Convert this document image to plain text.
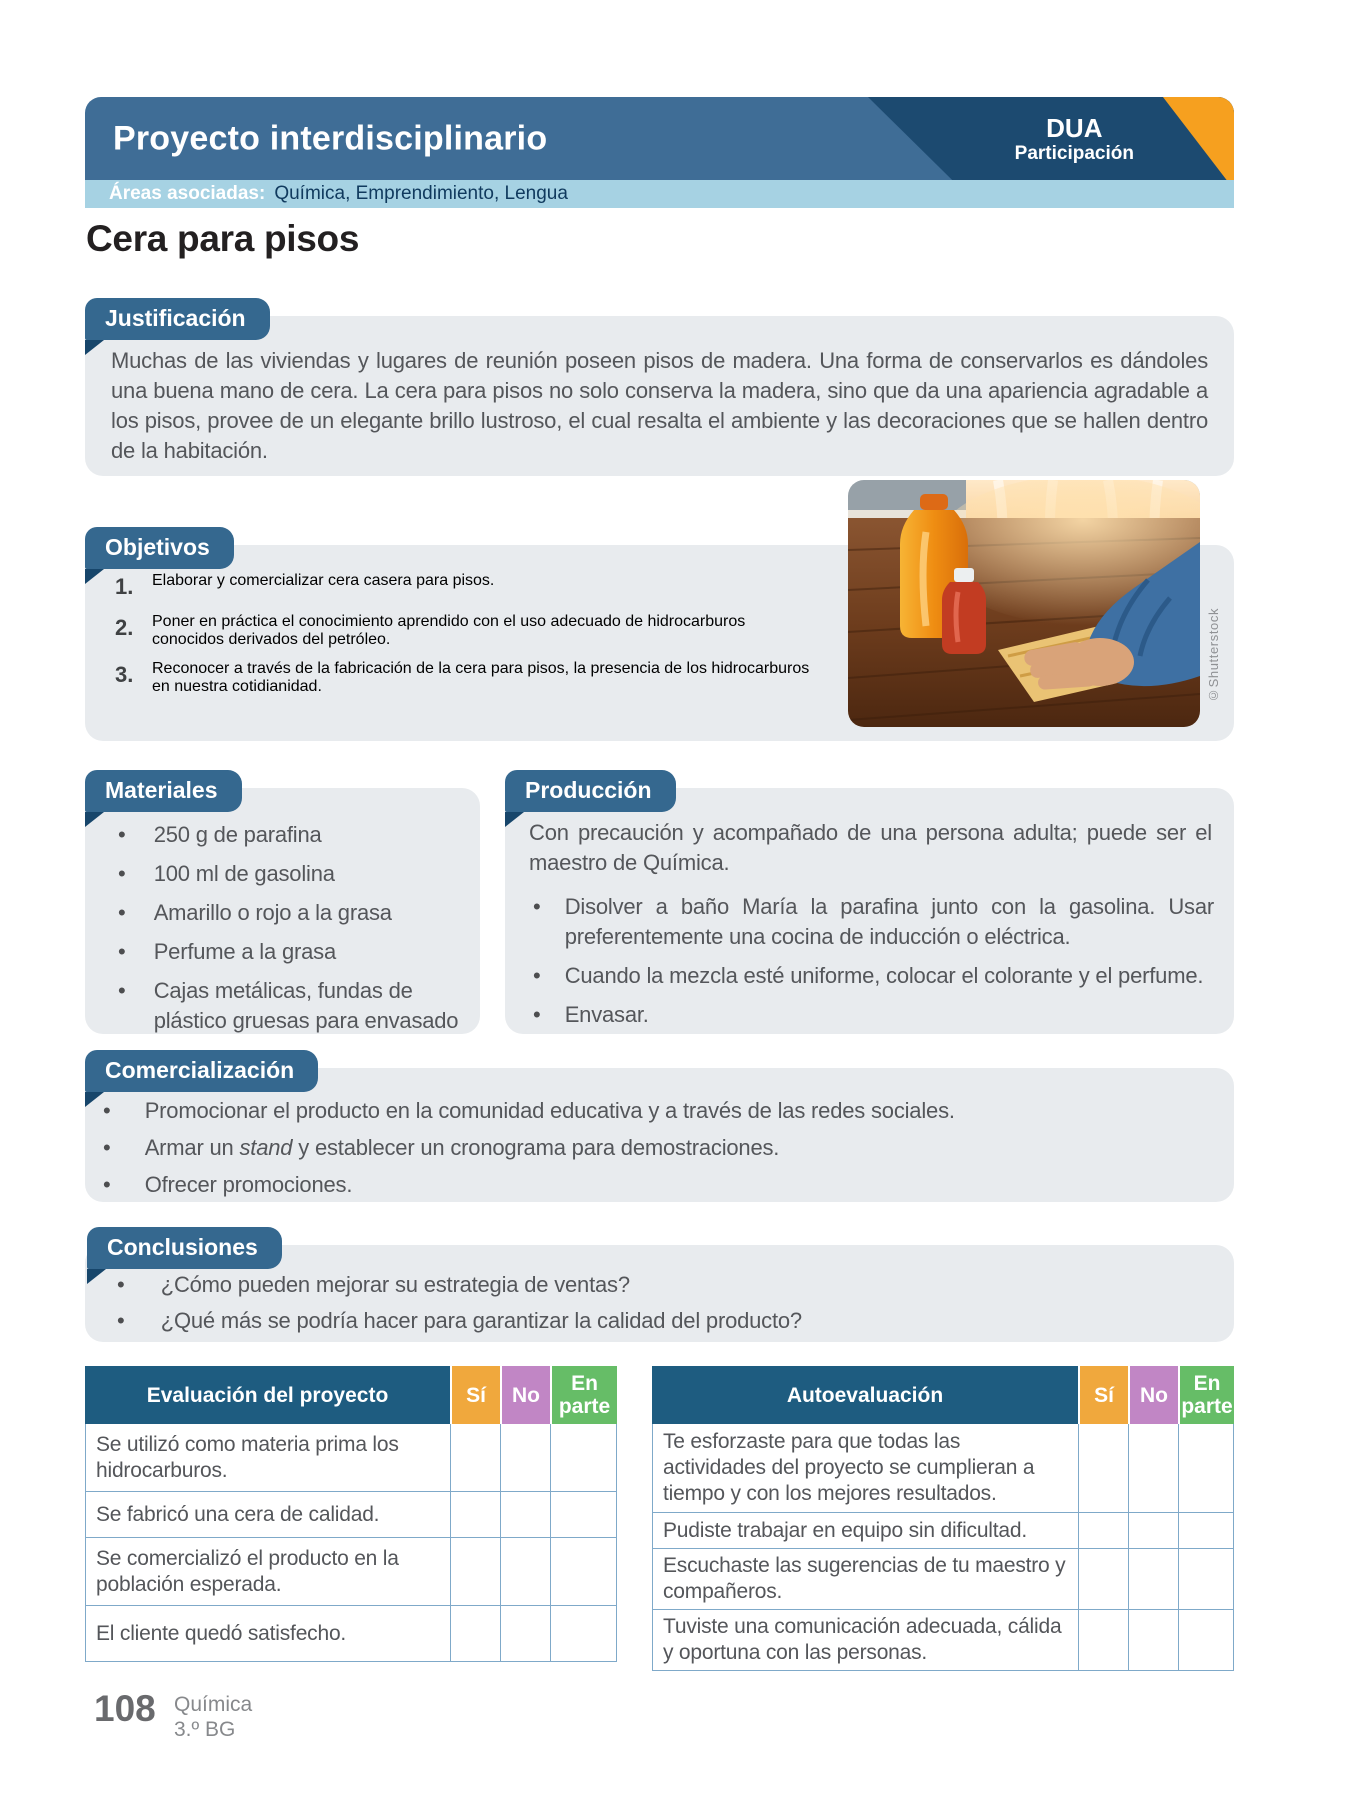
Proyecto interdisciplinario	DUA
Participación
Áreas asociadas: Química, Emprendimiento, Lengua
Cera para pisos
Justificación
Muchas de las viviendas y lugares de reunión poseen pisos de madera. Una forma de conservarlos es dándoles una buena mano de cera. La cera para pisos no solo conserva la madera, sino que da una apariencia agradable a los pisos, provee de un elegante brillo lustroso, el cual resalta el ambiente y las decoraciones que se hallen dentro de la habitación.
©Shutterstock
Objetivos
1.	Elaborar y comercializar cera casera para pisos.
2.	Poner en práctica el conocimiento aprendido con el uso adecuado de hidrocarburos conocidos derivados del petróleo.
3.	Reconocer a través de la fabricación de la cera para pisos, la presencia de los hidrocarburos en nuestra cotidianidad.
Materiales
• 250 g de parafina
• 100 ml de gasolina
• Amarillo o rojo a la grasa
• Perfume a la grasa
• Cajas metálicas, fundas de plástico gruesas para envasado
Producción
Con precaución y acompañado de una persona adulta; puede ser el maestro de Química.
• Disolver a baño María la parafina junto con la gasolina. Usar preferentemente una cocina de inducción o eléctrica.
• Cuando la mezcla esté uniforme, colocar el colorante y el perfume.
• Envasar.
Comercialización
• Promocionar el producto en la comunidad educativa y a través de las redes sociales.
• Armar un stand y establecer un cronograma para demostraciones.
• Ofrecer promociones.
Conclusiones
• ¿Cómo pueden mejorar su estrategia de ventas?
• ¿Qué más se podría hacer para garantizar la calidad del producto?
Evaluación del proyecto	Sí	No	En parte
Se utilizó como materia prima los hidrocarburos.
Se fabricó una cera de calidad.
Se comercializó el producto en la población esperada.
El cliente quedó satisfecho.
Autoevaluación	Sí	No	En parte
Te esforzaste para que todas las actividades del proyecto se cumplieran a tiempo y con los mejores resultados.
Pudiste trabajar en equipo sin dificultad.
Escuchaste las sugerencias de tu maestro y compañeros.
Tuviste una comunicación adecuada, cálida y oportuna con las personas.
108 Química
3.º BG
